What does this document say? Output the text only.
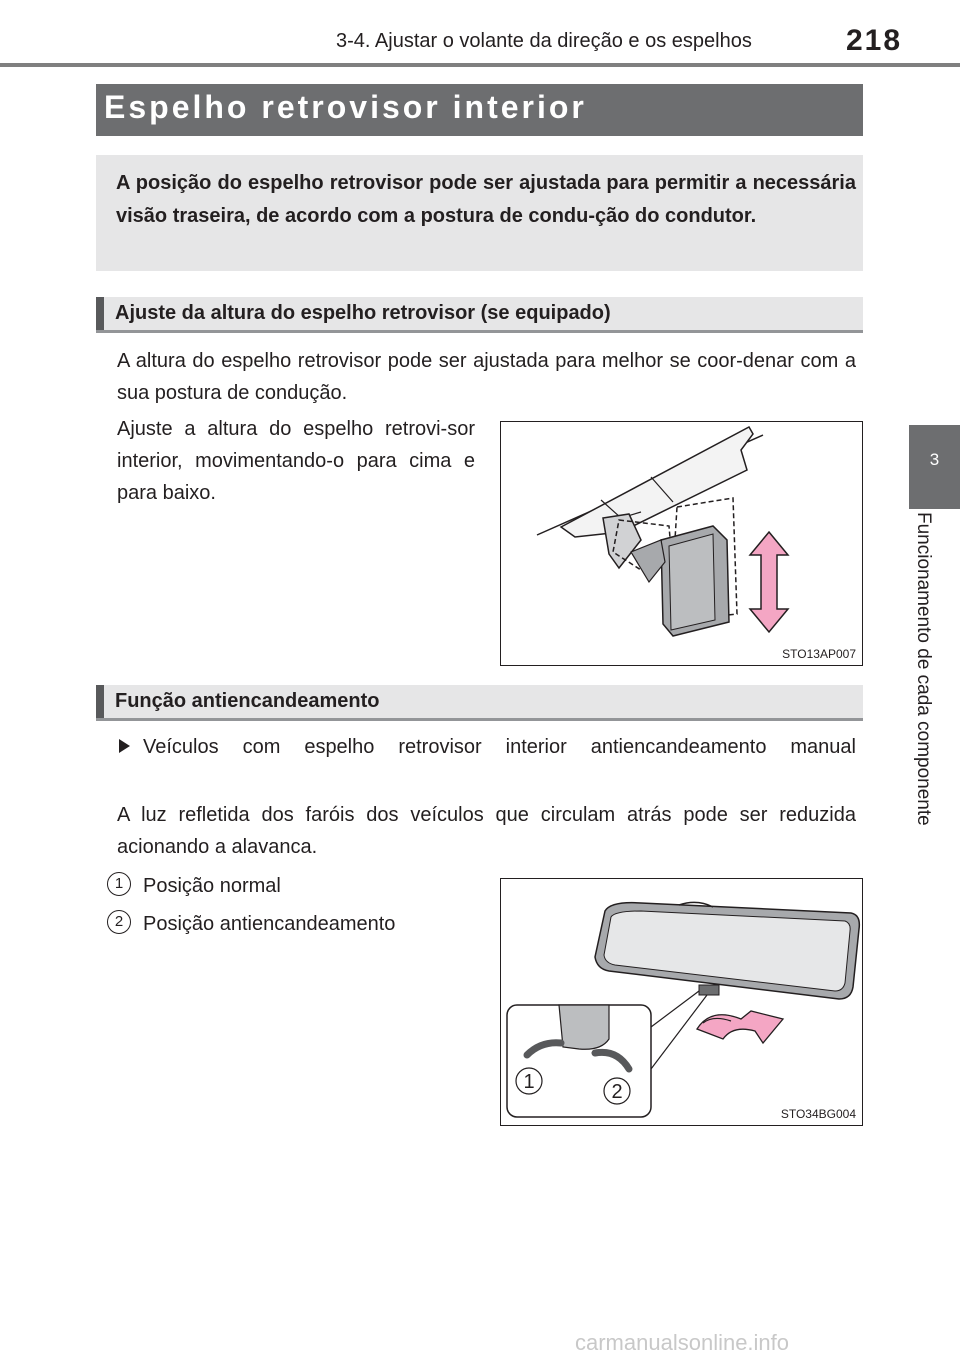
3-4. Ajustar o volante da direção e os espelhos	218
3
Funcionamento de cada componente
Espelho retrovisor interior
A posição do espelho retrovisor pode ser ajustada para permitir a necessária visão traseira, de acordo com a postura de condu-ção do condutor.
Ajuste da altura do espelho retrovisor (se equipado)
A altura do espelho retrovisor pode ser ajustada para melhor se coor-denar com a sua postura de condução.
Ajuste a altura do espelho retrovi-sor interior, movimentando-o para cima e para baixo.
STO13AP007
Função antiencandeamento
Veículos com espelho retrovisor interior antiencandeamento manual
A luz refletida dos faróis dos veículos que circulam atrás pode ser reduzida acionando a alavanca.
1 Posição normal
2 Posição antiencandeamento
1	2
STO34BG004
carmanualsonline.info
